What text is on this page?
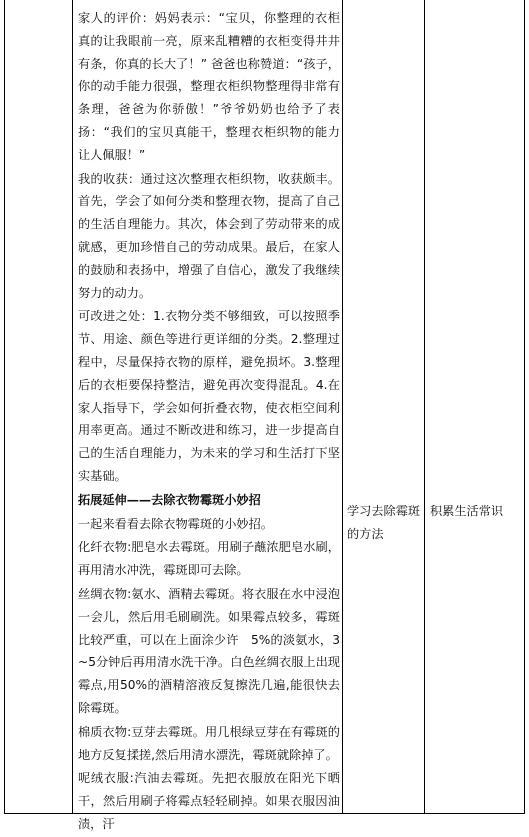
家人的评价：妈妈表示：“宝贝，你整理的衣柜真的让我眼前一亮，原来乱糟糟的衣柜变得井井有条，你真的长大了！” 爸爸也称赞道：“孩子，你的动手能力很强，整理衣柜织物整理得非常有条理，爸爸为你骄傲！”爷爷奶奶也给予了表扬：“我们的宝贝真能干，整理衣柜织物的能力让人佩服！”

我的收获：通过这次整理衣柜织物，收获颇丰。首先，学会了如何分类和整理衣物，提高了自己的生活自理能力。其次，体会到了劳动带来的成就感，更加珍惜自己的劳动成果。最后，在家人的鼓励和表扬中，增强了自信心，激发了我继续努力的动力。

可改进之处：1.衣物分类不够细致，可以按照季节、用途、颜色等进行更详细的分类。2.整理过程中，尽量保持衣物的原样，避免损坏。3.整理后的衣柜要保持整洁，避免再次变得混乱。4.在家人指导下，学会如何折叠衣物，使衣柜空间利用率更高。通过不断改进和练习，进一步提高自己的生活自理能力，为未来的学习和生活打下坚实基础。

拓展延伸——去除衣物霉斑小妙招

一起来看看去除衣物霉斑的小妙招。

化纤衣物:肥皂水去霉斑。用刷子蘸浓肥皂水刷，再用清水冲洗，霉斑即可去除。

丝绸衣物:氨水、酒精去霉斑。将衣服在水中浸泡一会儿，然后用毛刷刷洗。如果霉点较多，霉斑比较严重，可以在上面涂少许　5%的淡氨水，3~5分钟后再用清水洗干净。白色丝绸衣服上出现霉点,用50%的酒精溶液反复擦洗几遍,能很快去除霉斑。

棉质衣物:豆芽去霉斑。用几根绿豆芽在有霉斑的地方反复揉搓,然后用清水漂洗，霉斑就除掉了。

呢绒衣服:汽油去霉斑。先把衣服放在阳光下晒干，然后用刷子将霉点轻轻刷掉。如果衣服因油渍，汗

学习去除霉斑的方法
积累生活常识
